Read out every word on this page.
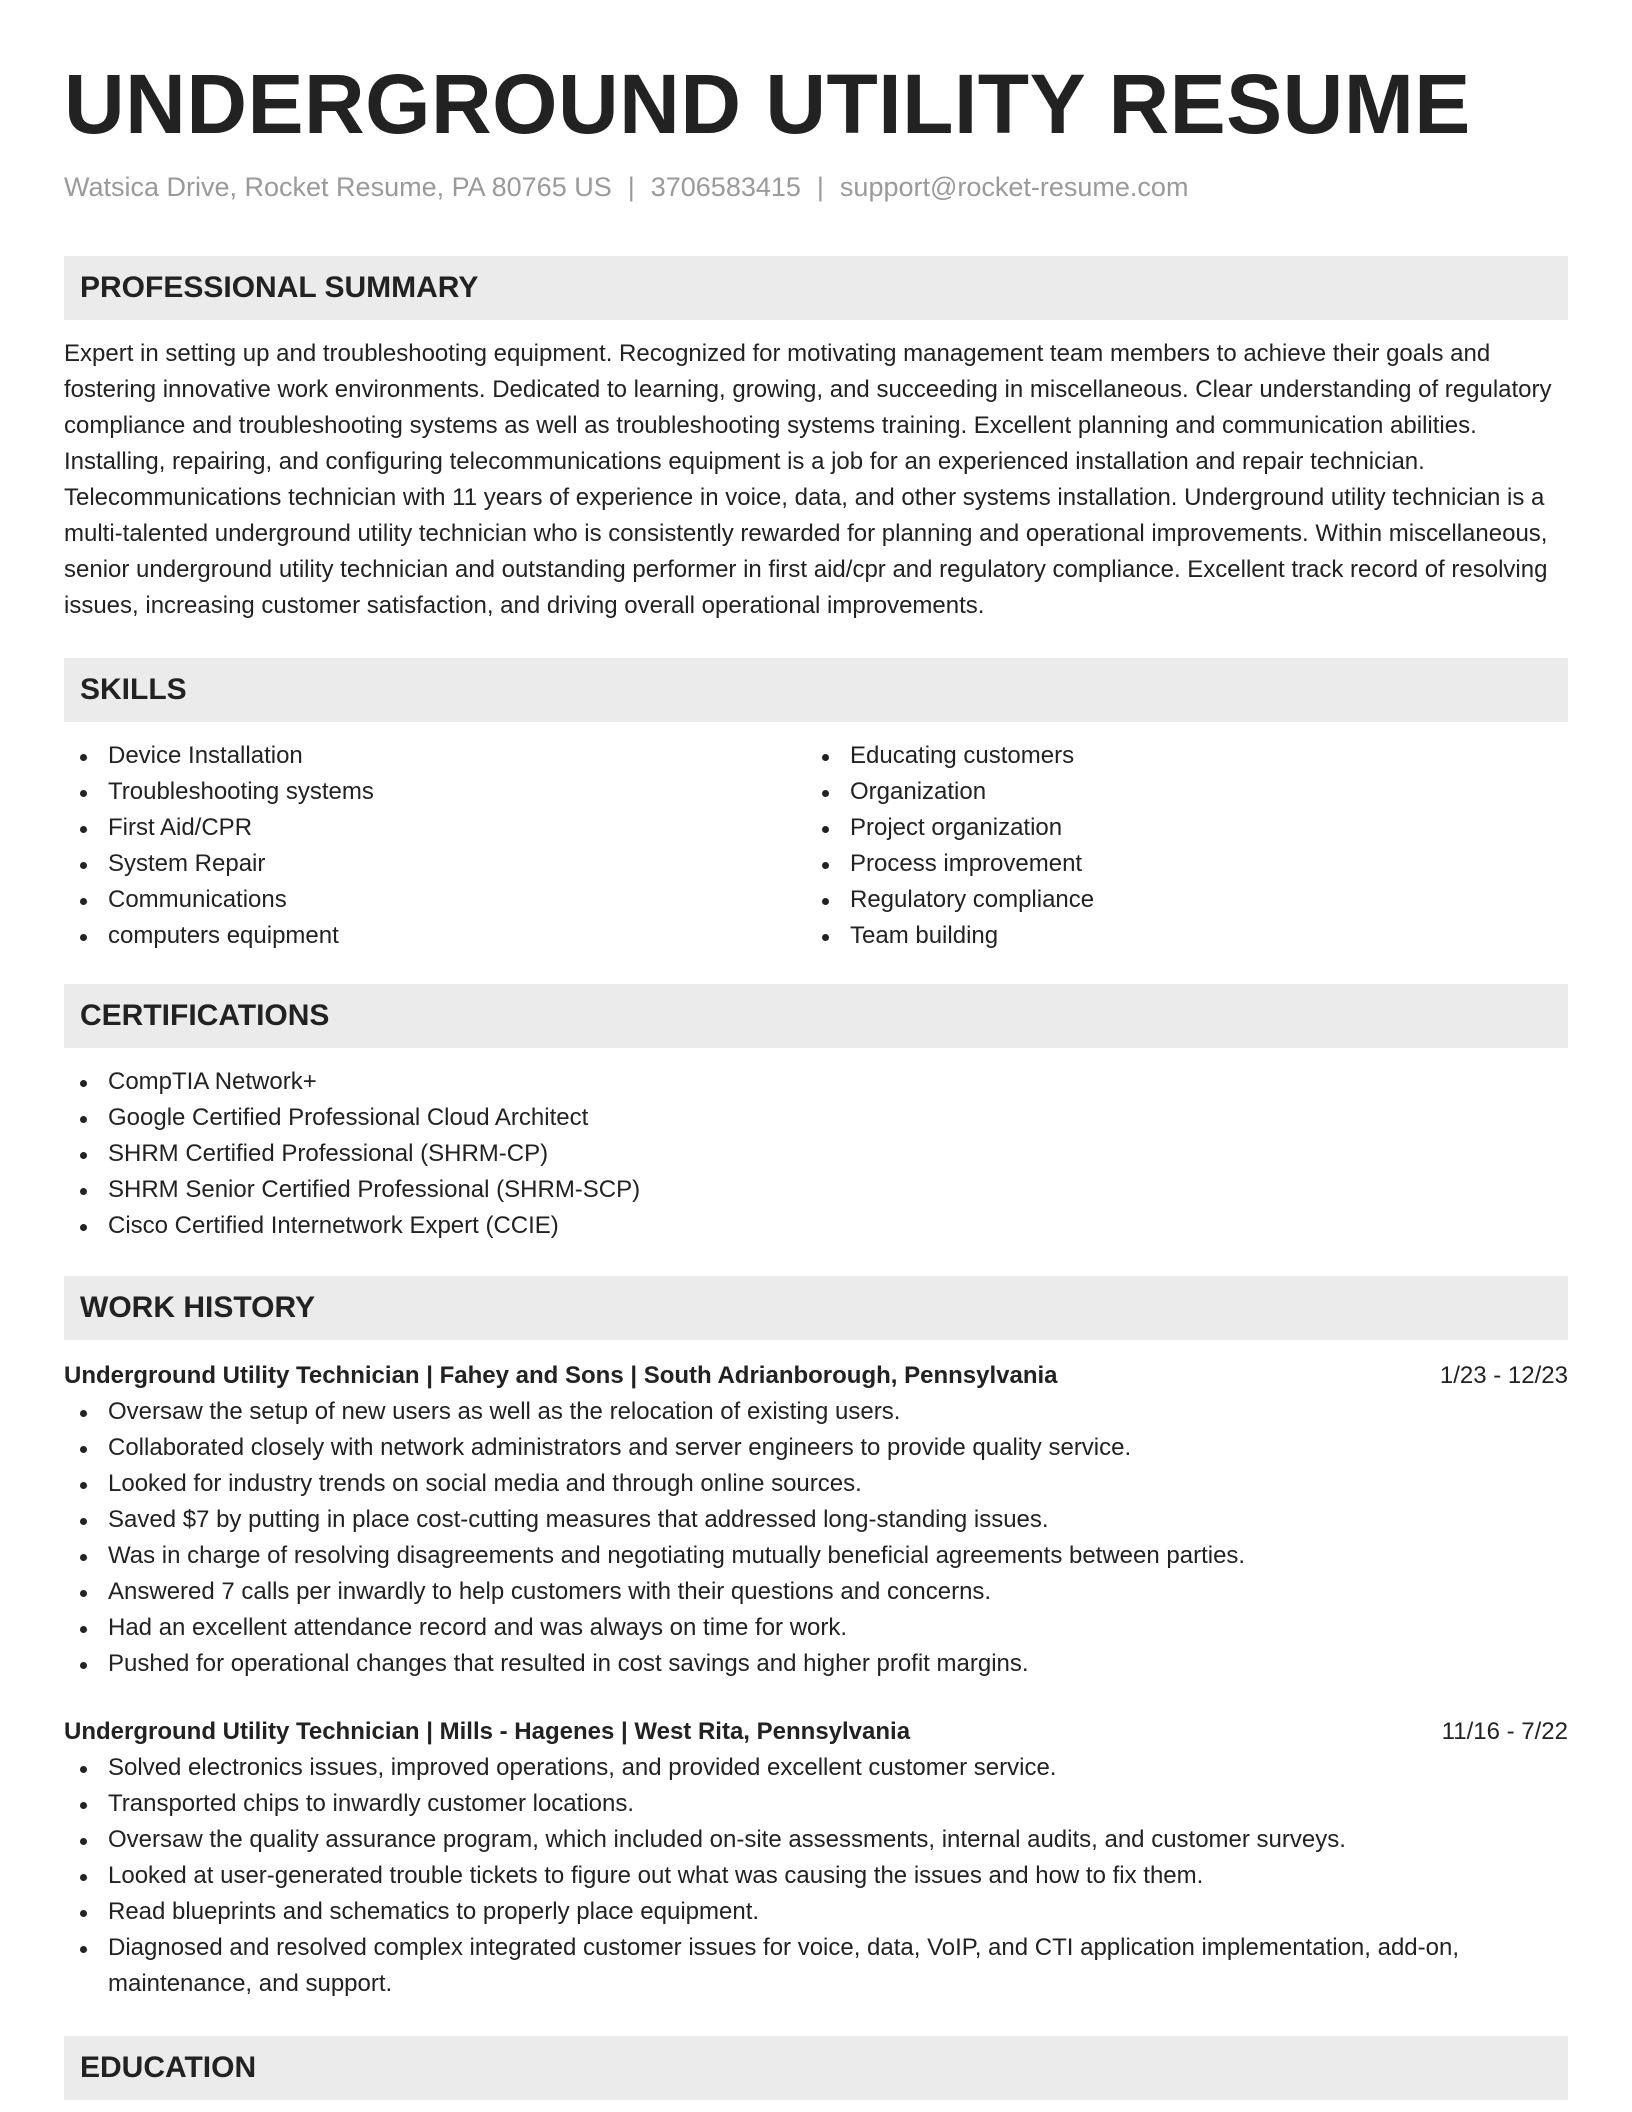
UNDERGROUND UTILITY RESUME
Watsica Drive, Rocket Resume, PA 80765 US | 3706583415 | support@rocket-resume.com
PROFESSIONAL SUMMARY

Expert in setting up and troubleshooting equipment. Recognized for motivating management team members to achieve their goals and fostering innovative work environments. Dedicated to learning, growing, and succeeding in miscellaneous. Clear understanding of regulatory compliance and troubleshooting systems as well as troubleshooting systems training. Excellent planning and communication abilities. Installing, repairing, and configuring telecommunications equipment is a job for an experienced installation and repair technician. Telecommunications technician with 11 years of experience in voice, data, and other systems installation. Underground utility technician is a multi-talented underground utility technician who is consistently rewarded for planning and operational improvements. Within miscellaneous, senior underground utility technician and outstanding performer in first aid/cpr and regulatory compliance. Excellent track record of resolving issues, increasing customer satisfaction, and driving overall operational improvements.

SKILLS
Device Installation
Troubleshooting systems
First Aid/CPR
System Repair
Communications
computers equipment
Educating customers
Organization
Project organization
Process improvement
Regulatory compliance
Team building
CERTIFICATIONS
CompTIA Network+
Google Certified Professional Cloud Architect
SHRM Certified Professional (SHRM-CP)
SHRM Senior Certified Professional (SHRM-SCP)
Cisco Certified Internetwork Expert (CCIE)
WORK HISTORY
Underground Utility Technician | Fahey and Sons | South Adrianborough, Pennsylvania	1/23 - 12/23
Oversaw the setup of new users as well as the relocation of existing users.
Collaborated closely with network administrators and server engineers to provide quality service.
Looked for industry trends on social media and through online sources.
Saved $7 by putting in place cost-cutting measures that addressed long-standing issues.
Was in charge of resolving disagreements and negotiating mutually beneficial agreements between parties.
Answered 7 calls per inwardly to help customers with their questions and concerns.
Had an excellent attendance record and was always on time for work.
Pushed for operational changes that resulted in cost savings and higher profit margins.
Underground Utility Technician | Mills - Hagenes | West Rita, Pennsylvania	11/16 - 7/22
Solved electronics issues, improved operations, and provided excellent customer service.
Transported chips to inwardly customer locations.
Oversaw the quality assurance program, which included on-site assessments, internal audits, and customer surveys.
Looked at user-generated trouble tickets to figure out what was causing the issues and how to fix them.
Read blueprints and schematics to properly place equipment.
Diagnosed and resolved complex integrated customer issues for voice, data, VoIP, and CTI application implementation, add-on, maintenance, and support.
EDUCATION
